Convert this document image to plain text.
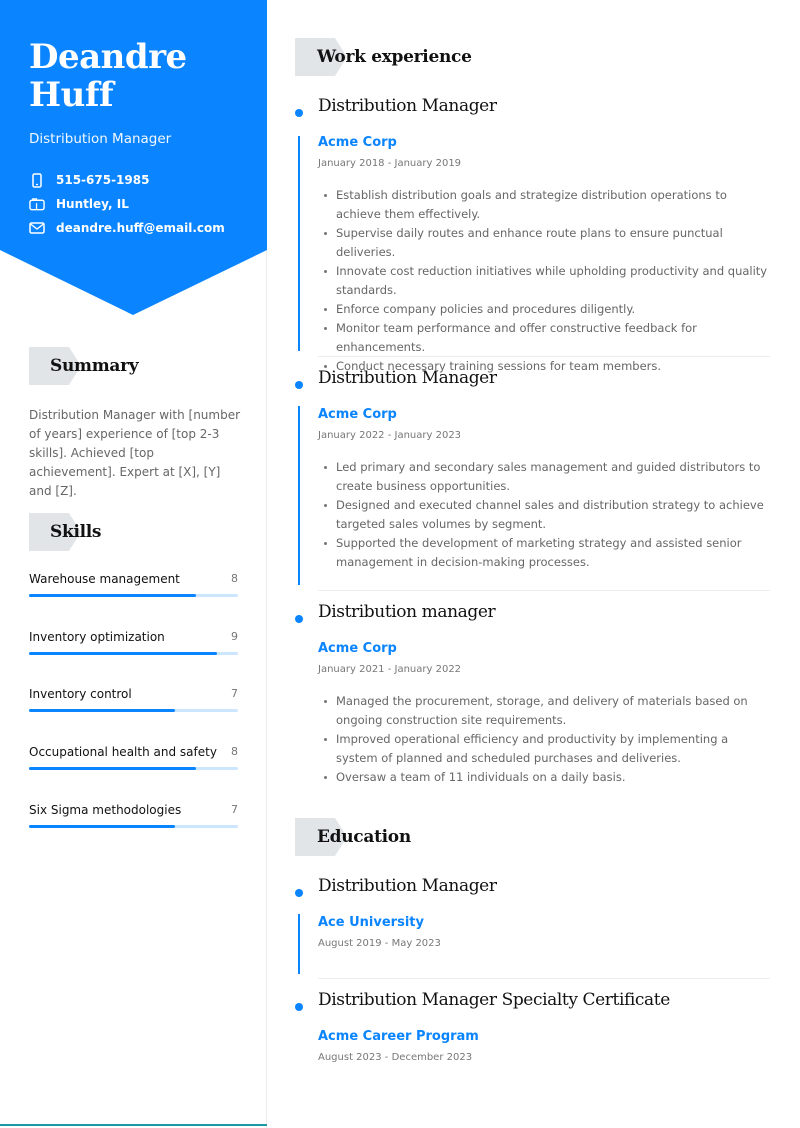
Deandre
Huff
Distribution Manager
515-675-1985
Huntley, IL
deandre.huff@email.com
Summary
Distribution Manager with [number of years] experience of [top 2-3 skills]. Achieved [top achievement]. Expert at [X], [Y] and [Z].
Skills
Warehouse management	8
Inventory optimization	9
Inventory control	7
Occupational health and safety 8
Six Sigma methodologies	7
Work experience
Distribution Manager
Acme Corp
January 2018 - January 2019
Establish distribution goals and strategize distribution operations to achieve them effectively.
Supervise daily routes and enhance route plans to ensure punctual deliveries.
Innovate cost reduction initiatives while upholding productivity and quality standards.
Enforce company policies and procedures diligently.
Monitor team performance and offer constructive feedback for enhancements.
Conduct necessary training sessions for team members.
Distribution Manager
Acme Corp
January 2022 - January 2023
Led primary and secondary sales management and guided distributors to create business opportunities.
Designed and executed channel sales and distribution strategy to achieve targeted sales volumes by segment.
Supported the development of marketing strategy and assisted senior management in decision-making processes.
Distribution manager
Acme Corp
January 2021 - January 2022
Managed the procurement, storage, and delivery of materials based on ongoing construction site requirements.
Improved operational efficiency and productivity by implementing a system of planned and scheduled purchases and deliveries.
Oversaw a team of 11 individuals on a daily basis.
Education
Distribution Manager
Ace University
August 2019 - May 2023
Distribution Manager Specialty Certificate
Acme Career Program
August 2023 - December 2023
